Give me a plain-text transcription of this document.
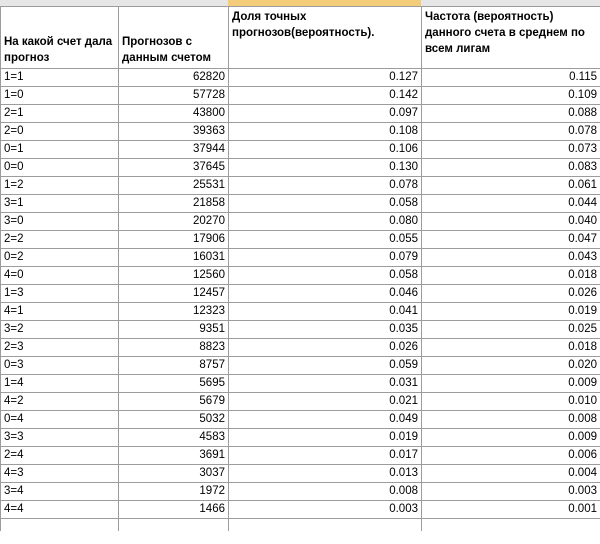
На какой счет дала прогноз	Прогнозов с данным счетом	Доля точных прогнозов(вероятность).	Частота (вероятность) данного счета в среднем по всем лигам
1=1	62820	0.127	0.115
1=0	57728	0.142	0.109
2=1	43800	0.097	0.088
2=0	39363	0.108	0.078
0=1	37944	0.106	0.073
0=0	37645	0.130	0.083
1=2	25531	0.078	0.061
3=1	21858	0.058	0.044
3=0	20270	0.080	0.040
2=2	17906	0.055	0.047
0=2	16031	0.079	0.043
4=0	12560	0.058	0.018
1=3	12457	0.046	0.026
4=1	12323	0.041	0.019
3=2	9351	0.035	0.025
2=3	8823	0.026	0.018
0=3	8757	0.059	0.020
1=4	5695	0.031	0.009
4=2	5679	0.021	0.010
0=4	5032	0.049	0.008
3=3	4583	0.019	0.009
2=4	3691	0.017	0.006
4=3	3037	0.013	0.004
3=4	1972	0.008	0.003
4=4	1466	0.003	0.001
